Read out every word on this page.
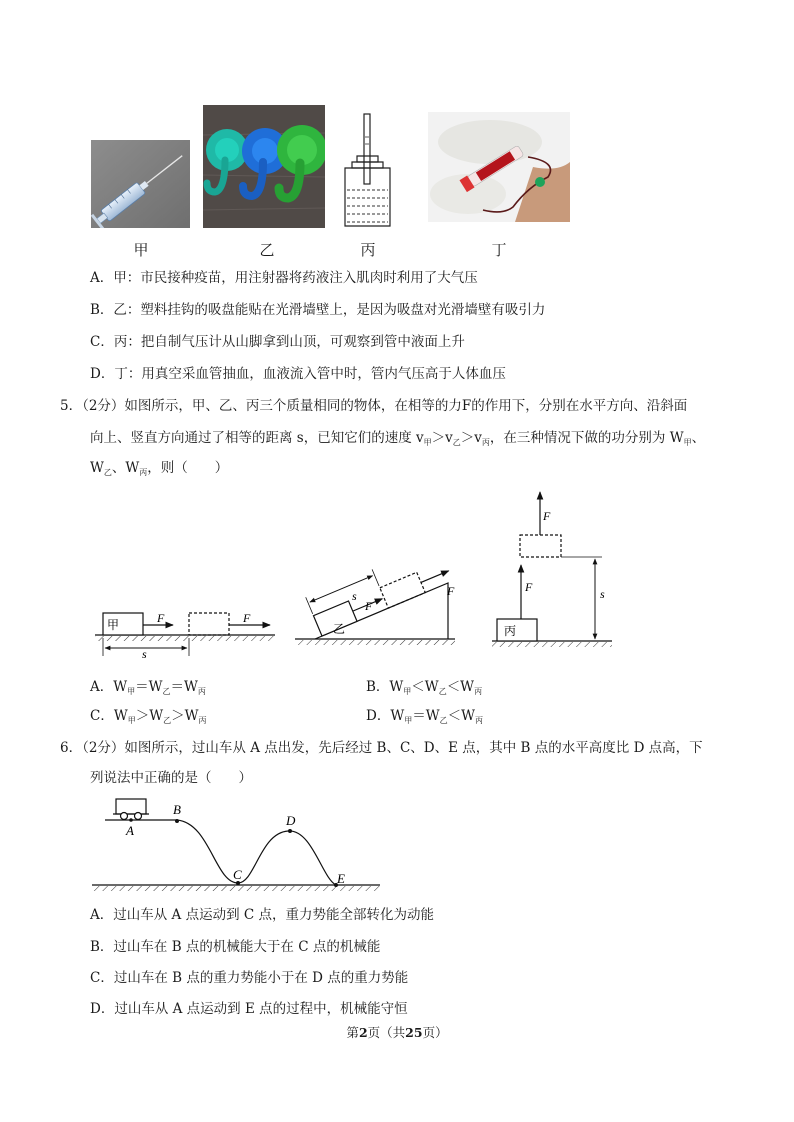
甲	乙	丙	丁
A．甲：市民接种疫苗，用注射器将药液注入肌肉时利用了大气压
B．乙：塑料挂钩的吸盘能贴在光滑墙壁上，是因为吸盘对光滑墙壁有吸引力
C．丙：把自制气压计从山脚拿到山顶，可观察到管中液面上升
D．丁：用真空采血管抽血，血液流入管中时，管内气压高于人体血压
5．（2分）如图所示，甲、乙、丙三个质量相同的物体，在相等的力F的作用下，分别在水平方向、沿斜面
向上、竖直方向通过了相等的距离 s，已知它们的速度 $v_甲>v_乙>v_丙$，在三种情况下做的功分别为 $W_甲$、
$W_乙$、$W_丙$，则（　　）
甲	F	F
s
乙
F
F
s
丙
F
F
s
A．$W_甲=W_乙=W_丙$	B．$W_甲<W_乙<W_丙$
C．$W_甲>W_乙>W_丙$	D．$W_甲=W_乙<W_丙$
6．（2分）如图所示，过山车从 A 点出发，先后经过 B、C、D、E 点，其中 B 点的水平高度比 D 点高，下
列说法中正确的是（　　）
A
B
C
D
E
A．过山车从 A 点运动到 C 点，重力势能全部转化为动能
B．过山车在 B 点的机械能大于在 C 点的机械能
C．过山车在 B 点的重力势能小于在 D 点的重力势能
D．过山车从 A 点运动到 E 点的过程中，机械能守恒
第2页（共25页）
